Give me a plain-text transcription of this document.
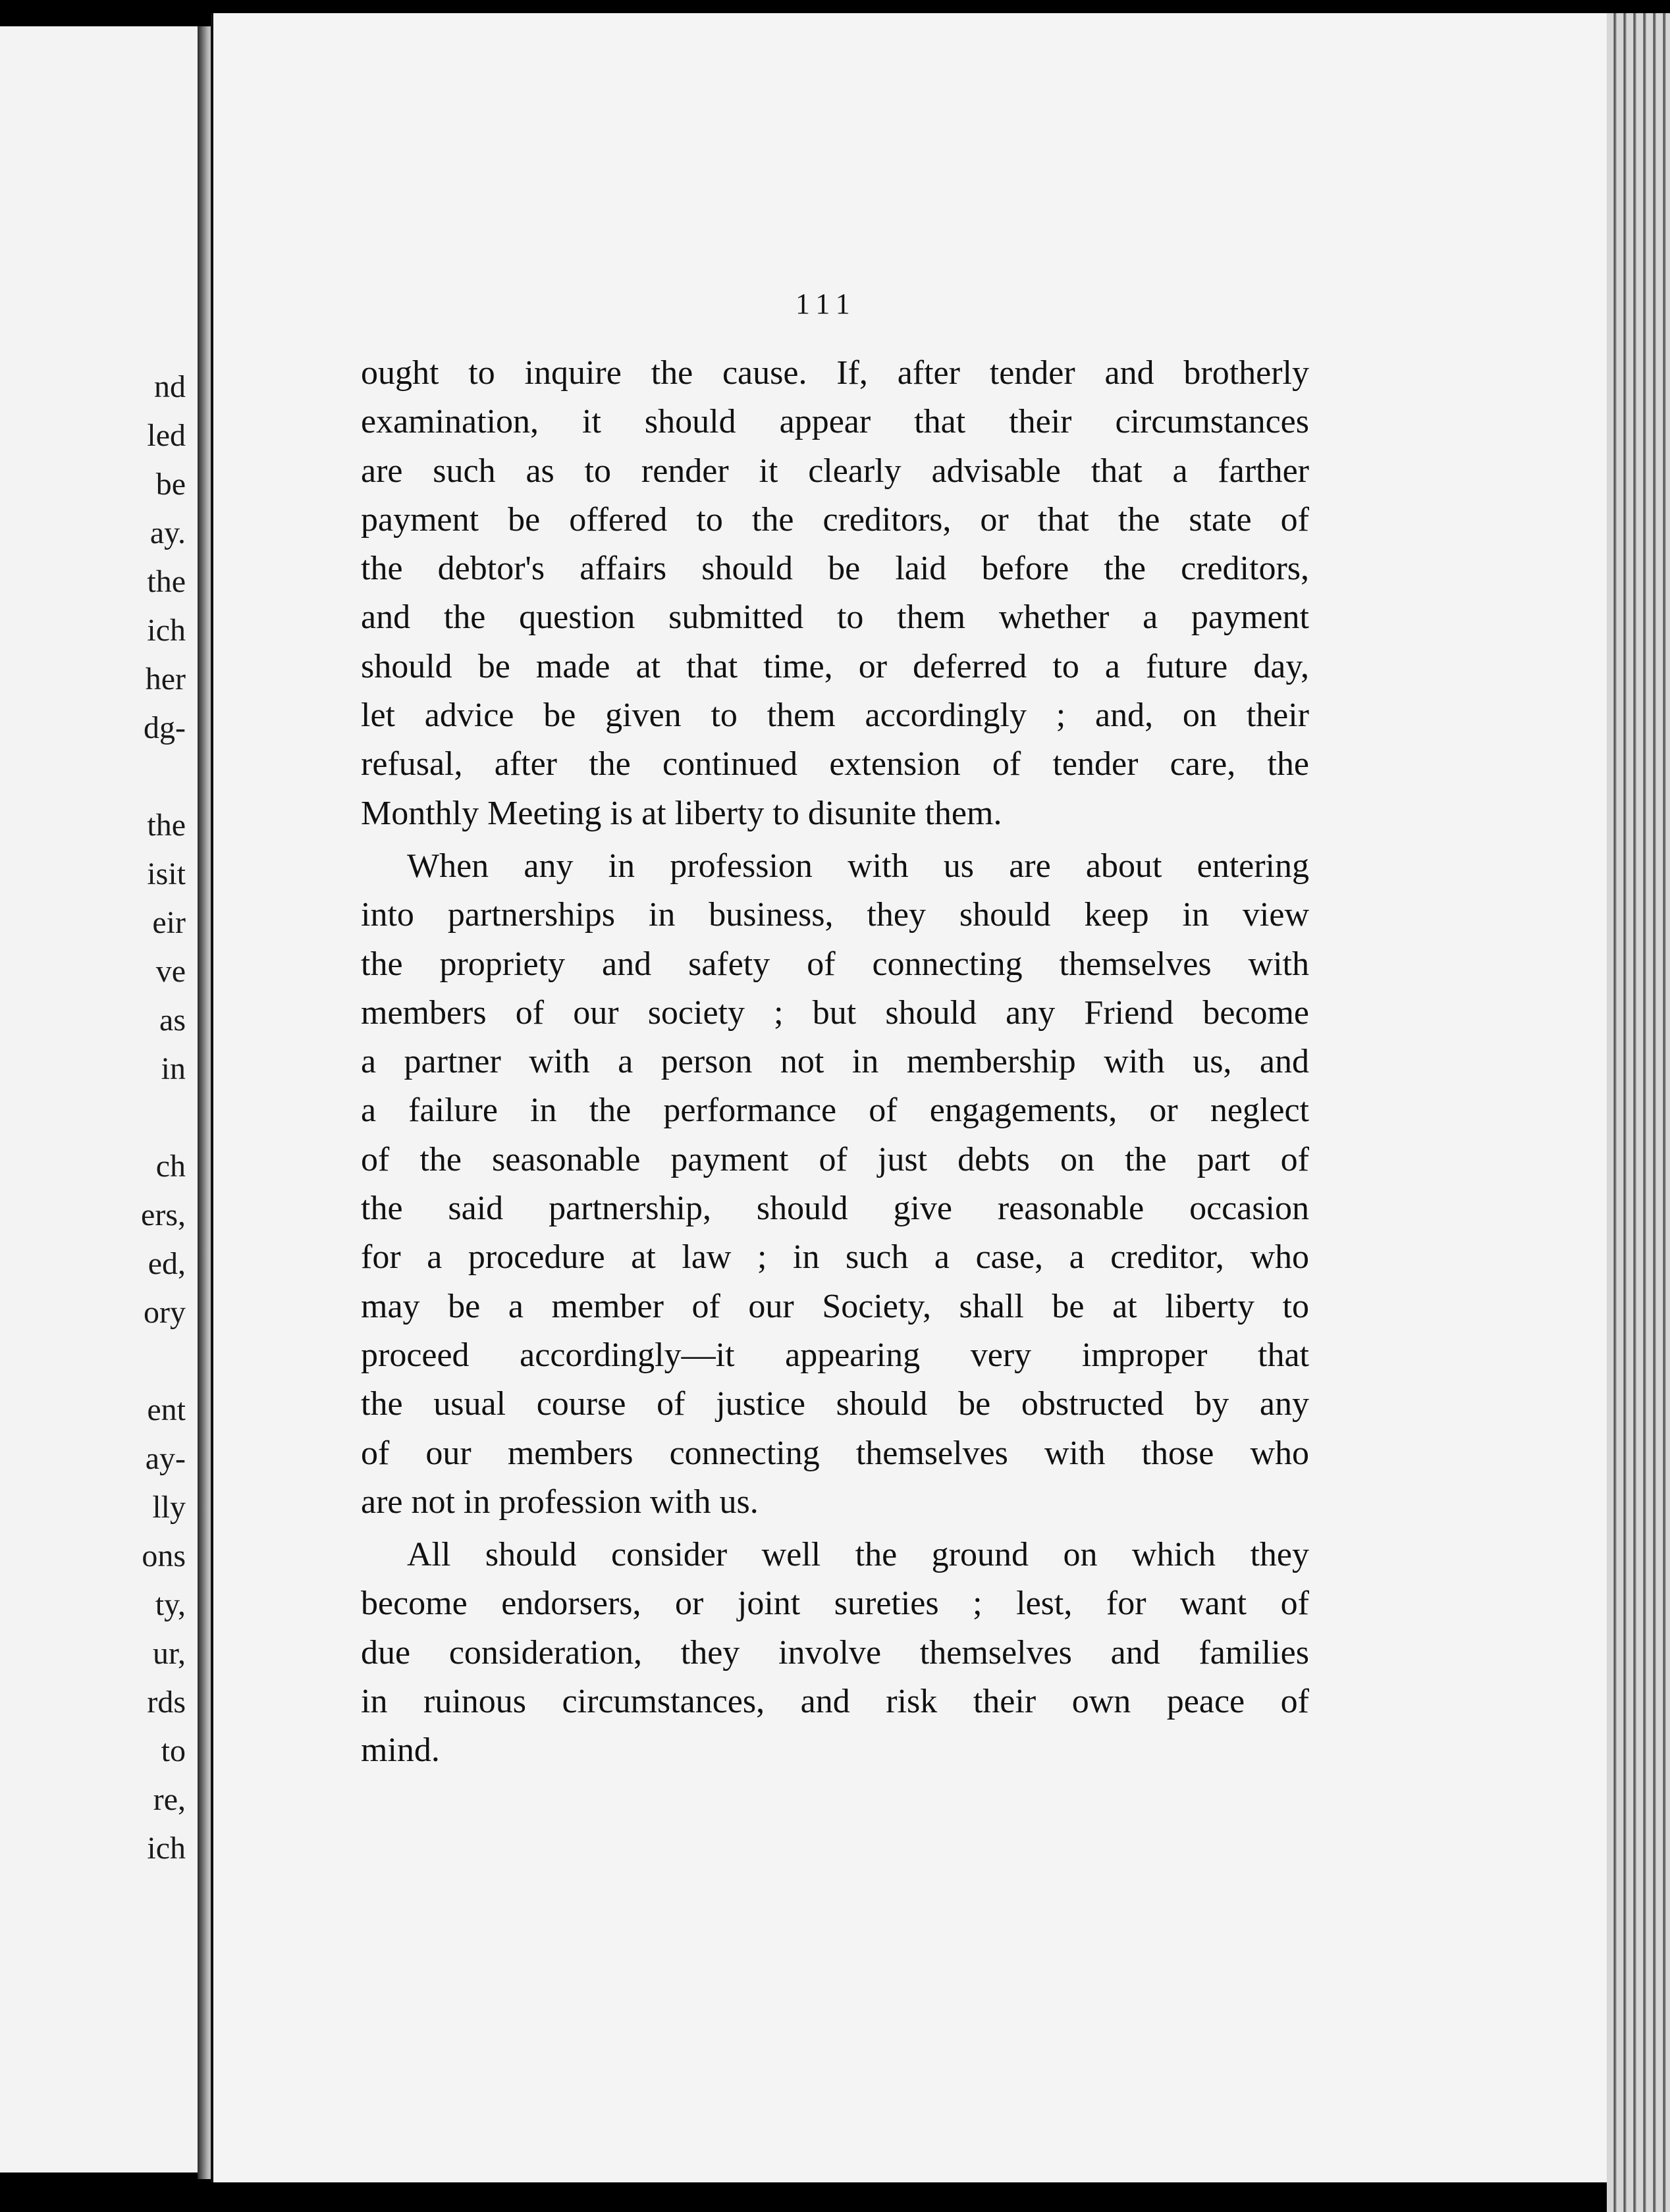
nd
led
be
ay.
the
ich
her
dg-
the
isit
eir
ve
as
in
ch
ers,
ed,
ory
ent
ay-
lly
ons
ty,
ur,
rds
to
re,
ich
111
ought to inquire the cause. If, after tender and brotherly
examination, it should appear that their circumstances
are such as to render it clearly advisable that a farther
payment be offered to the creditors, or that the state of
the debtor's affairs should be laid before the creditors,
and the question submitted to them whether a payment
should be made at that time, or deferred to a future day,
let advice be given to them accordingly ; and, on their
refusal, after the continued extension of tender care, the
Monthly Meeting is at liberty to disunite them.
When any in profession with us are about entering
into partnerships in business, they should keep in view
the propriety and safety of connecting themselves with
members of our society ; but should any Friend become
a partner with a person not in membership with us, and
a failure in the performance of engagements, or neglect
of the seasonable payment of just debts on the part of
the said partnership, should give reasonable occasion
for a procedure at law ; in such a case, a creditor, who
may be a member of our Society, shall be at liberty to
proceed accordingly—it appearing very improper that
the usual course of justice should be obstructed by any
of our members connecting themselves with those who
are not in profession with us.
All should consider well the ground on which they
become endorsers, or joint sureties ; lest, for want of
due consideration, they involve themselves and families
in ruinous circumstances, and risk their own peace of
mind.
